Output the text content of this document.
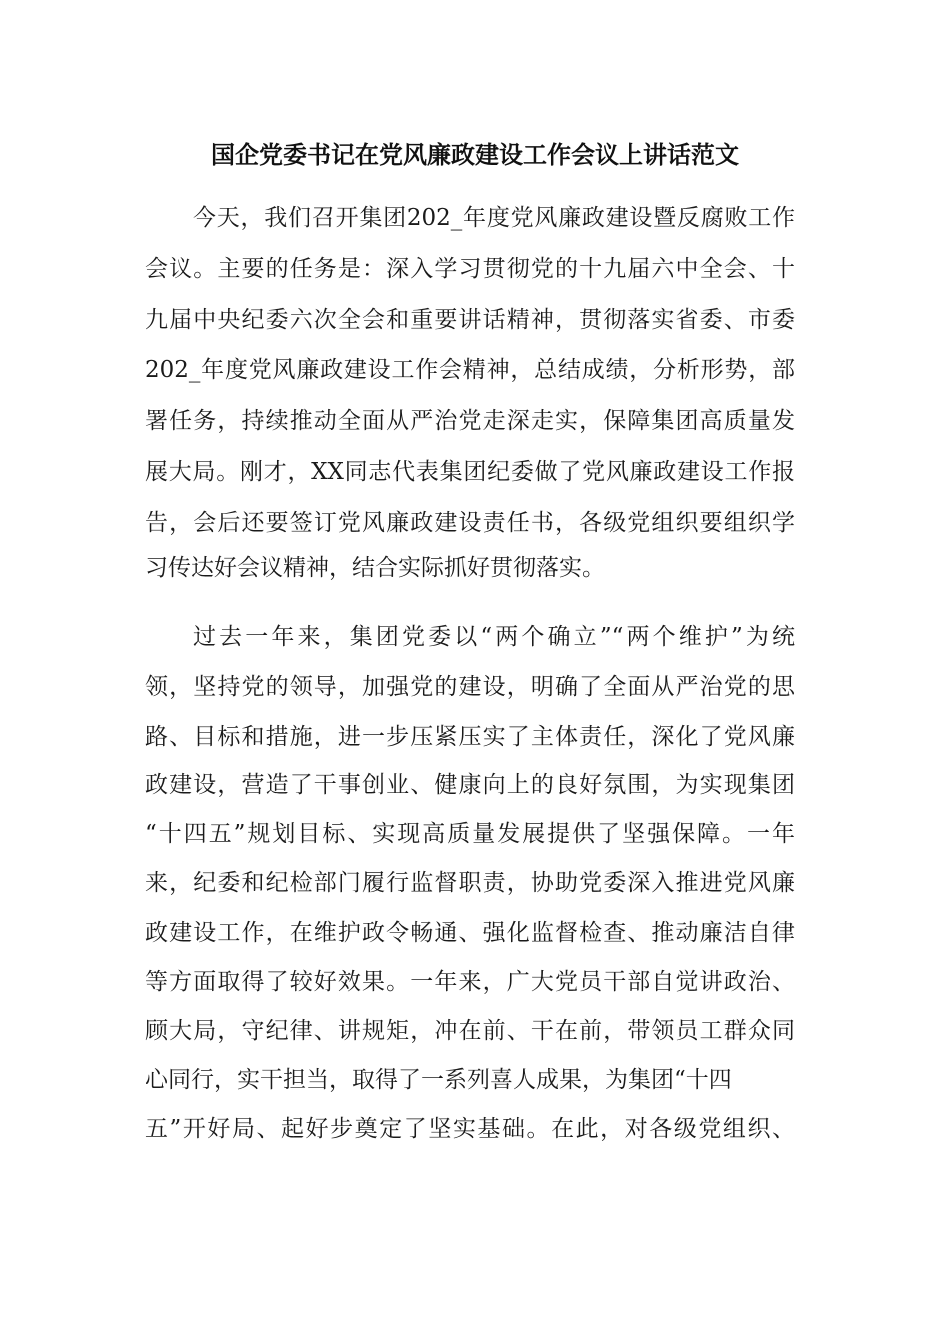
国企党委书记在党风廉政建设工作会议上讲话范文
今天，我们召开集团202_年度党风廉政建设暨反腐败工作
会议。主要的任务是：深入学习贯彻党的十九届六中全会、十
九届中央纪委六次全会和重要讲话精神，贯彻落实省委、市委
202_年度党风廉政建设工作会精神，总结成绩，分析形势，部
署任务，持续推动全面从严治党走深走实，保障集团高质量发
展大局。刚才，XX同志代表集团纪委做了党风廉政建设工作报
告，会后还要签订党风廉政建设责任书，各级党组织要组织学
习传达好会议精神，结合实际抓好贯彻落实。
过去一年来，集团党委以“两个确立”“两个维护”为统
领，坚持党的领导，加强党的建设，明确了全面从严治党的思
路、目标和措施，进一步压紧压实了主体责任，深化了党风廉
政建设，营造了干事创业、健康向上的良好氛围，为实现集团
“十四五”规划目标、实现高质量发展提供了坚强保障。一年
来，纪委和纪检部门履行监督职责，协助党委深入推进党风廉
政建设工作，在维护政令畅通、强化监督检查、推动廉洁自律
等方面取得了较好效果。一年来，广大党员干部自觉讲政治、
顾大局，守纪律、讲规矩，冲在前、干在前，带领员工群众同
心同行，实干担当，取得了一系列喜人成果，为集团“十四
五”开好局、起好步奠定了坚实基础。在此，对各级党组织、
